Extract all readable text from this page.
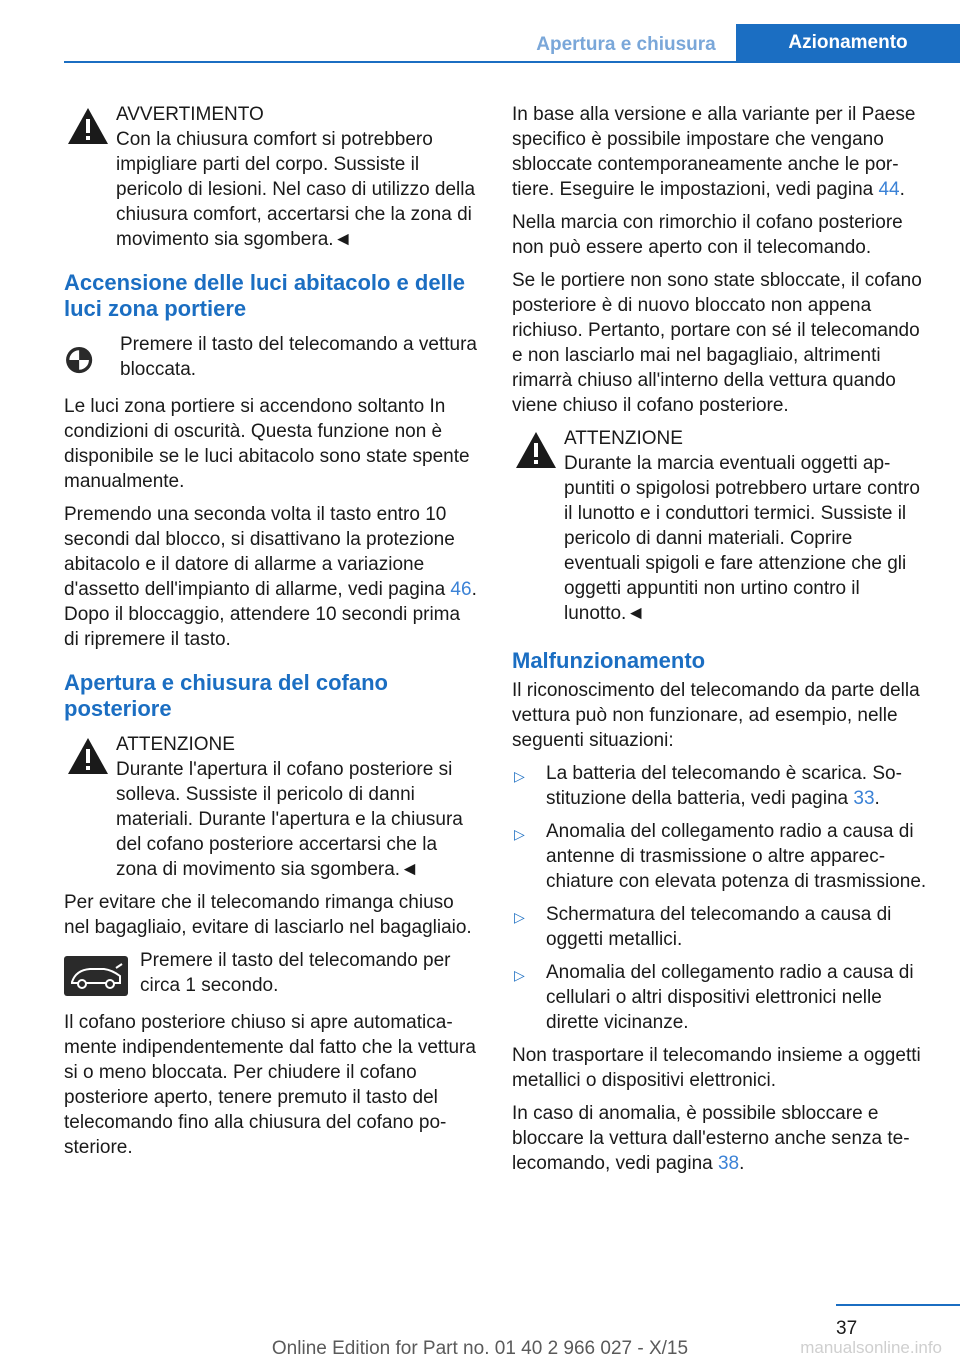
Apertura e chiusura	Azionamento
AVVERTIMENTO
Con la chiusura comfort si potrebbero impigliare parti del corpo. Sussiste il pericolo di lesioni. Nel caso di utilizzo della chiusura comfort, accertarsi che la zona di movimento sia sgombera.◄
Accensione delle luci abitacolo e delle luci zona portiere
Premere il tasto del telecomando a vettura bloccata.

Le luci zona portiere si accendono soltanto In condizioni di oscurità. Questa funzione non è disponibile se le luci abitacolo sono state spente manualmente.

Premendo una seconda volta il tasto entro 10 secondi dal blocco, si disattivano la protezione abitacolo e il datore di allarme a variazione d'assetto dell'impianto di allarme, vedi pagina 46. Dopo il bloccaggio, attendere 10 secondi prima di ripremere il tasto.

Apertura e chiusura del cofano posteriore
ATTENZIONE
Durante l'apertura il cofano posteriore si solleva. Sussiste il pericolo di danni materiali. Durante l'apertura e la chiusura del cofano posteriore accertarsi che la zona di movimento sia sgombera.◄

Per evitare che il telecomando rimanga chiuso nel bagagliaio, evitare di lasciarlo nel bagagliaio.

Premere il tasto del telecomando per circa 1 secondo.

Il cofano posteriore chiuso si apre automaticamente indipendentemente dal fatto che la vettura si o meno bloccata. Per chiudere il cofano posteriore aperto, tenere premuto il tasto del telecomando fino alla chiusura del cofano posteriore.

In base alla versione e alla variante per il Paese specifico è possibile impostare che vengano sbloccate contemporaneamente anche le portiere. Eseguire le impostazioni, vedi pagina 44.

Nella marcia con rimorchio il cofano posteriore non può essere aperto con il telecomando.

Se le portiere non sono state sbloccate, il cofano posteriore è di nuovo bloccato non appena richiuso. Pertanto, portare con sé il telecomando e non lasciarlo mai nel bagagliaio, altrimenti rimarrà chiuso all'interno della vettura quando viene chiuso il cofano posteriore.

ATTENZIONE
Durante la marcia eventuali oggetti appuntiti o spigolosi potrebbero urtare contro il lunotto e i conduttori termici. Sussiste il pericolo di danni materiali. Coprire eventuali spigoli e fare attenzione che gli oggetti appuntiti non urtino contro il lunotto.◄
Malfunzionamento

Il riconoscimento del telecomando da parte della vettura può non funzionare, ad esempio, nelle seguenti situazioni:

▷ La batteria del telecomando è scarica. Sostituzione della batteria, vedi pagina 33.
▷ Anomalia del collegamento radio a causa di antenne di trasmissione o altre apparecchiature con elevata potenza di trasmissione.
▷ Schermatura del telecomando a causa di oggetti metallici.
▷ Anomalia del collegamento radio a causa di cellulari o altri dispositivi elettronici nelle dirette vicinanze.

Non trasportare il telecomando insieme a oggetti metallici o dispositivi elettronici.

In caso di anomalia, è possibile sbloccare e bloccare la vettura dall'esterno anche senza telecomando, vedi pagina 38.

37
Online Edition for Part no. 01 40 2 966 027 - X/15	manualsonline.info
